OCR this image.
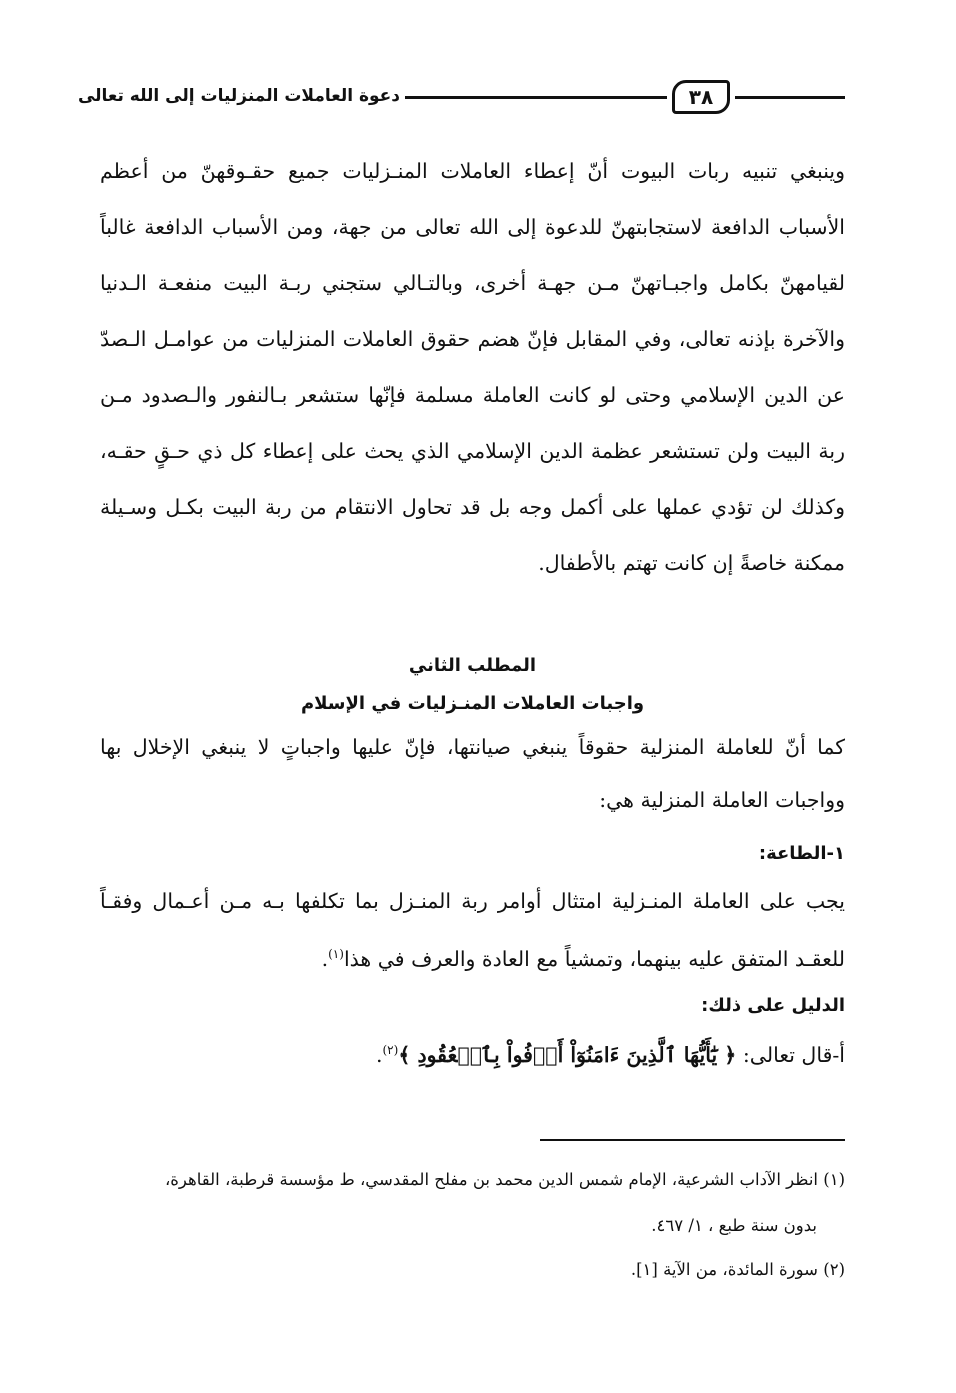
دعوة العاملات المنزليات إلى الله تعالى	٣٨
وينبغي تنبيه ربات البيوت أنّ إعطاء العاملات المنـزليات جميع حقـوقهنّ من أعظم الأسباب الدافعة لاستجابتهنّ للدعوة إلى الله تعالى من جهة، ومن الأسباب الدافعة غالباً لقيامهنّ بكامل واجبـاتهنّ مـن جهـة أخرى، وبالتـالي ستجني ربـة البيت منفعـة الـدنيا والآخرة بإذنه تعالى، وفي المقابل فإنّ هضم حقوق العاملات المنزليات من عوامـل الـصدّ عن الدين الإسلامي وحتى لو كانت العاملة مسلمة فإنّها ستشعر بـالنفور والـصدود مـن ربة البيت ولن تستشعر عظمة الدين الإسلامي الذي يحث على إعطاء كل ذي حـقٍ حقـه، وكذلك لن تؤدي عملها على أكمل وجه بل قد تحاول الانتقام من ربة البيت بكـل وسـيلة ممكنة خاصةً إن كانت تهتم بالأطفال.
المطلب الثاني
واجبات العاملات المنـزليات في الإسلام
كما أنّ للعاملة المنزلية حقوقاً ينبغي صيانتها، فإنّ عليها واجباتٍ لا ينبغي الإخلال بها وواجبات العاملة المنزلية هي:
١-الطاعة:
يجب على العاملة المنـزلية امتثال أوامر ربة المنـزل بما تكلفها بـه مـن أعـمال وفقـاً للعقـد المتفق عليه بينهما، وتمشياً مع العادة والعرف في هذا$^{(١)}$.
الدليل على ذلك:
أ-قال تعالى: ﴿ يَٰٓأَيُّهَا ٱلَّذِينَ ءَامَنُوٓاْ أَوۡفُواْ بِٱلۡعُقُودِ ﴾$^{(٢)}$.
(١) انظر الآداب الشرعية، الإمام شمس الدين محمد بن مفلح المقدسي، ط مؤسسة قرطبة، القاهرة،
بدون سنة طبع ، ١/ ٤٦٧.
(٢) سورة المائدة، من الآية [١].
